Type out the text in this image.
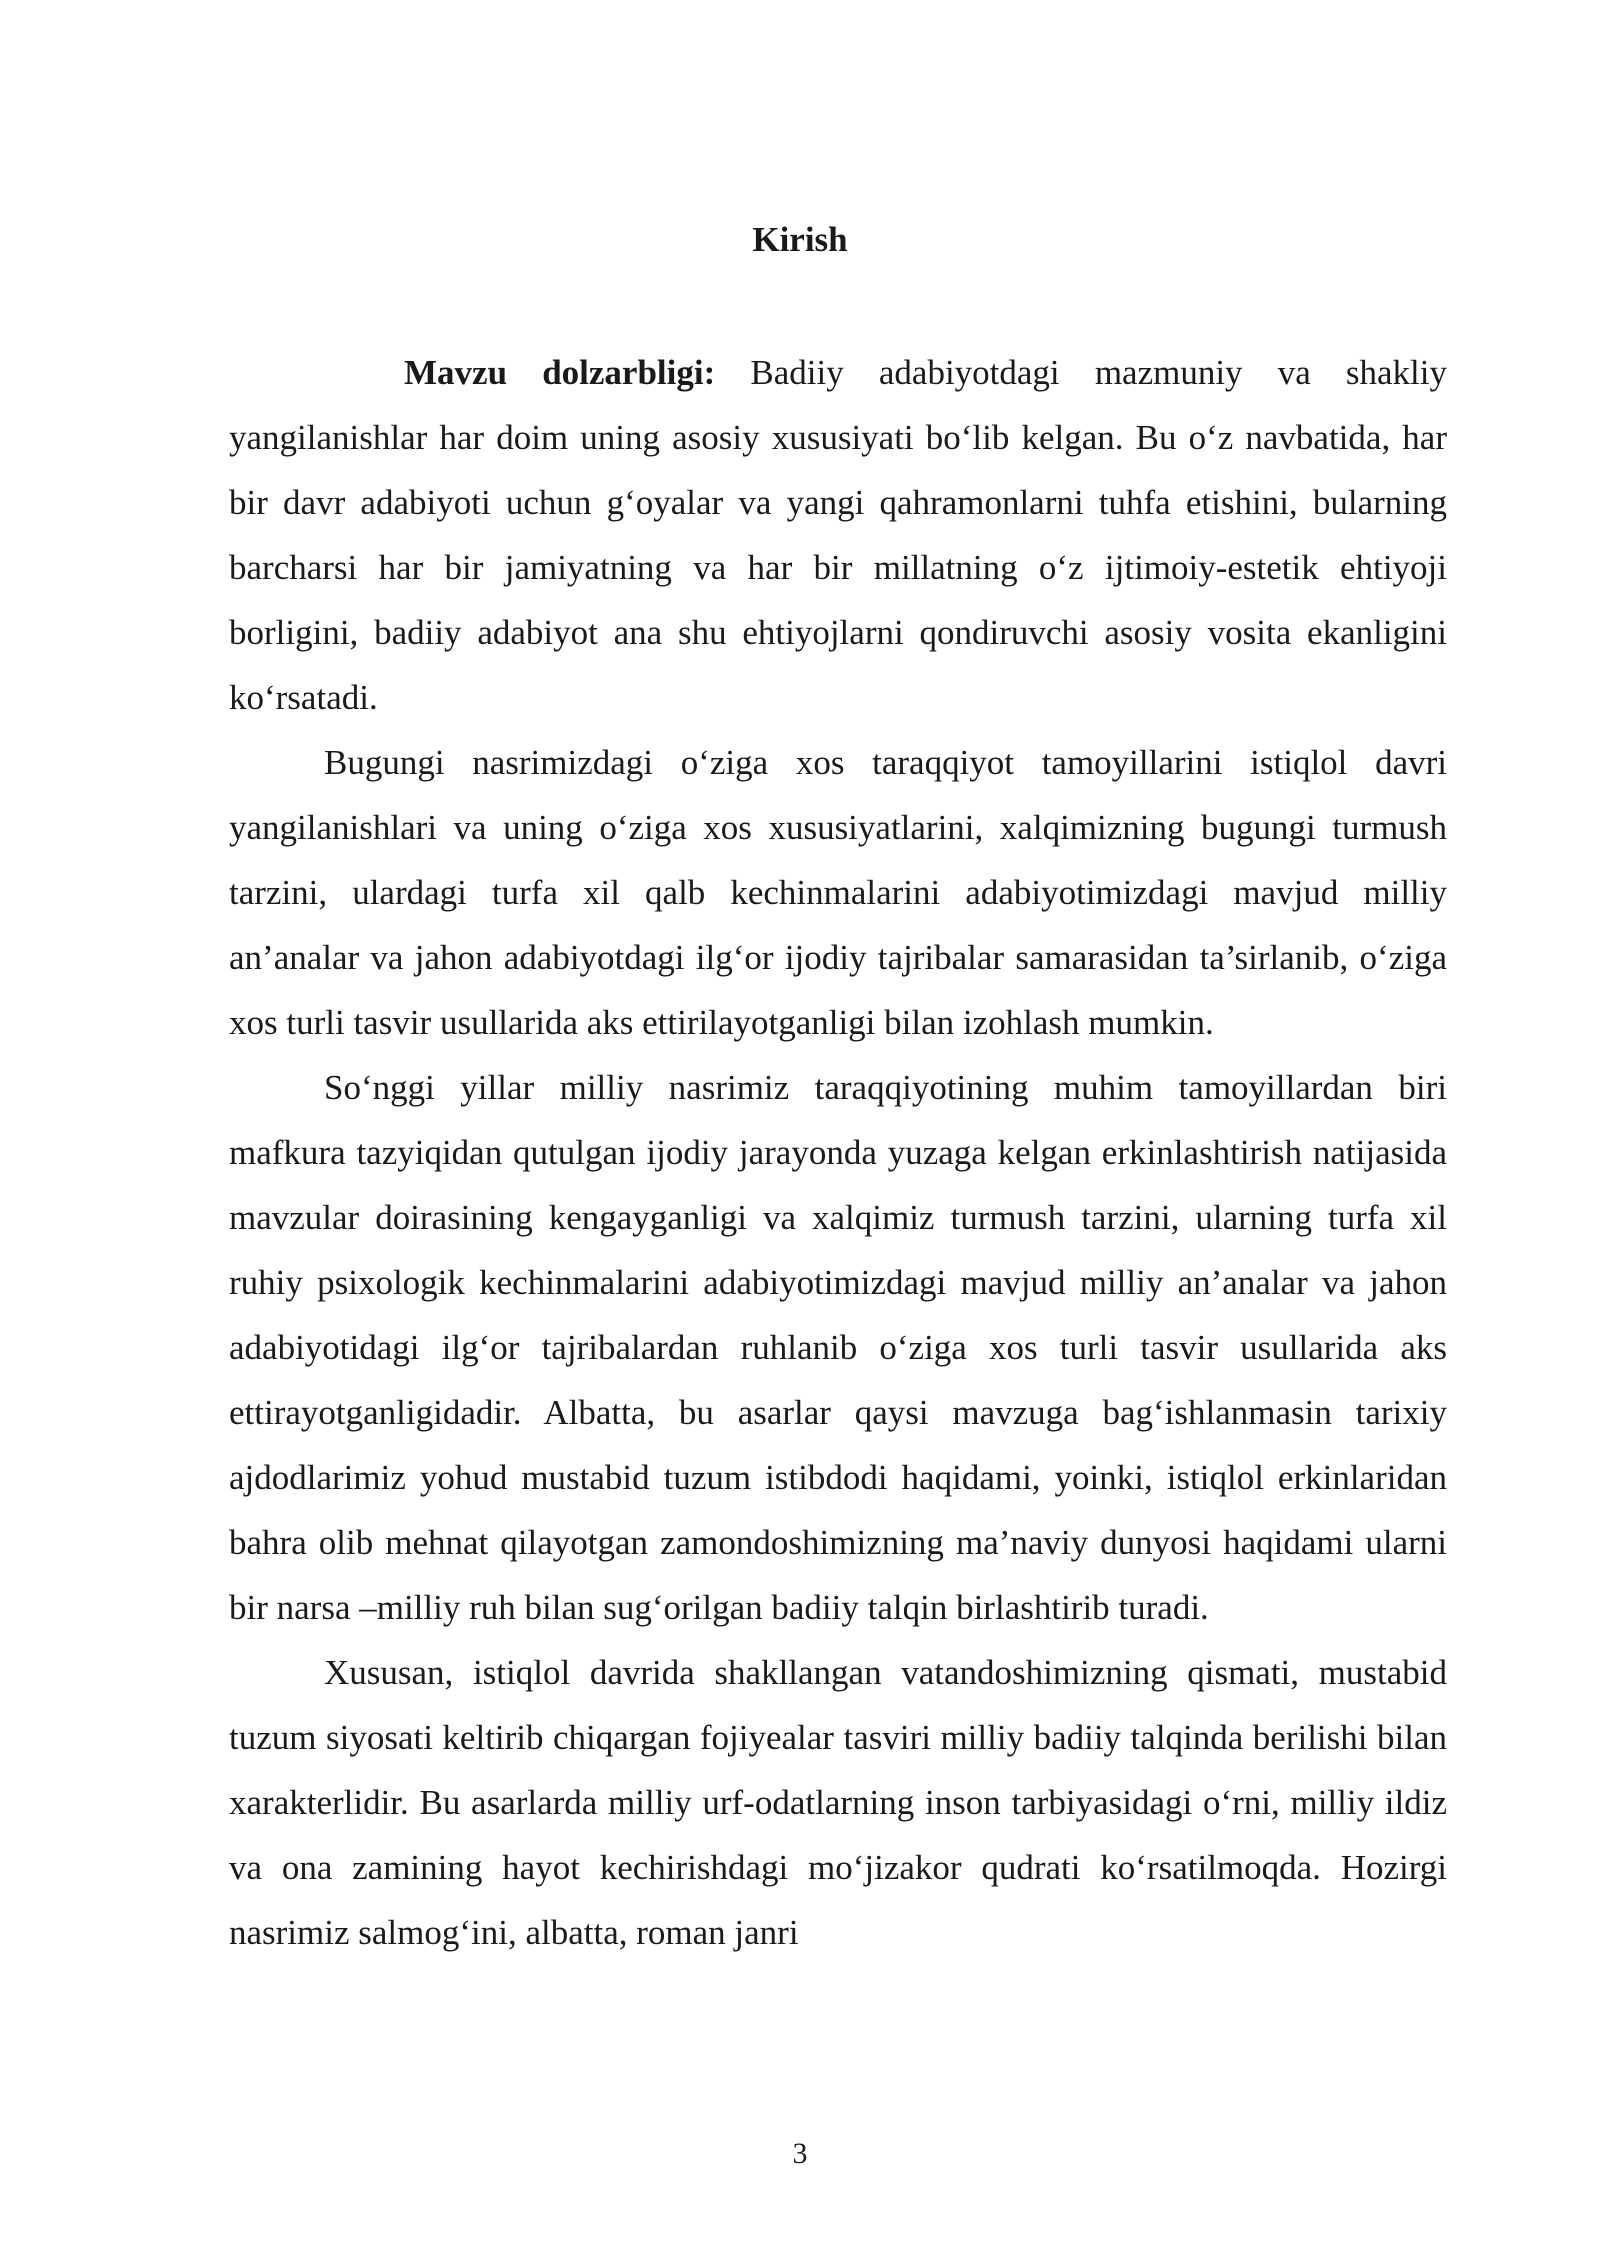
Kirish

Mavzu dolzarbligi: Badiiy adabiyotdagi mazmuniy va shakliy yangilanishlar har doim uning asosiy xususiyati bo‘lib kelgan. Bu o‘z navbatida, har bir davr adabiyoti uchun g‘oyalar va yangi qahramonlarni tuhfa etishini, bularning barcharsi har bir jamiyatning va har bir millatning o‘z ijtimoiy-estetik ehtiyoji borligini, badiiy adabiyot ana shu ehtiyojlarni qondiruvchi asosiy vosita ekanligini ko‘rsatadi.

Bugungi nasrimizdagi o‘ziga xos taraqqiyot tamoyillarini istiqlol davri yangilanishlari va uning o‘ziga xos xususiyatlarini, xalqimizning bugungi turmush tarzini, ulardagi turfa xil qalb kechinmalarini adabiyotimizdagi mavjud milliy an’analar va jahon adabiyotdagi ilg‘or ijodiy tajribalar samarasidan ta’sirlanib, o‘ziga xos turli tasvir usullarida aks ettirilayotganligi bilan izohlash mumkin.

So‘nggi yillar milliy nasrimiz taraqqiyotining muhim tamoyillardan biri mafkura tazyiqidan qutulgan ijodiy jarayonda yuzaga kelgan erkinlashtirish natijasida mavzular doirasining kengayganligi va xalqimiz turmush tarzini, ularning turfa xil ruhiy psixologik kechinmalarini adabiyotimizdagi mavjud milliy an’analar va jahon adabiyotidagi ilg‘or tajribalardan ruhlanib o‘ziga xos turli tasvir usullarida aks ettirayotganligidadir. Albatta, bu asarlar qaysi mavzuga bag‘ishlanmasin tarixiy ajdodlarimiz yohud mustabid tuzum istibdodi haqidami, yoinki, istiqlol erkinlaridan bahra olib mehnat qilayotgan zamondoshimizning ma’naviy dunyosi haqidami ularni bir narsa –milliy ruh bilan sug‘orilgan badiiy talqin birlashtirib turadi.

Xususan, istiqlol davrida shakllangan vatandoshimizning qismati, mustabid tuzum siyosati keltirib chiqargan fojiyealar tasviri milliy badiiy talqinda berilishi bilan xarakterlidir. Bu asarlarda milliy urf-odatlarning inson tarbiyasidagi o‘rni, milliy ildiz va ona zamining hayot kechirishdagi mo‘jizakor qudrati ko‘rsatilmoqda. Hozirgi nasrimiz salmog‘ini, albatta, roman janri

3
